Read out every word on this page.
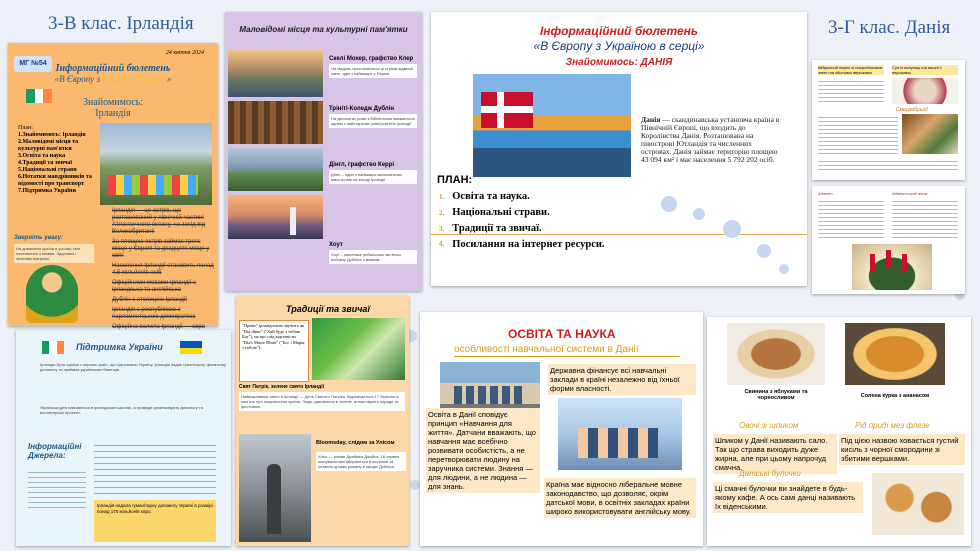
3-В клас. Ірландія	3-Г клас. Данія
24 квітня 2024
МГ №54 Інформаційний бюлетень
«В Європу з Україною в серці»
Знайомимось:
Ірландія
План:
1.Знайомимось: Ірландія
2.Маловідомі місця та культурні пам'ятки
3.Освіта та наука
4.Традиції та звичаї
5.Національні страви
6.Нотатки мандрівників та відомості про транспорт
7.Підтримка України
Зверніть увагу:
На довжиною країни в усьому світі поселилися з пінами. Здорових і зеленим візерком.
Ірландія — це острів, що розташований у північній частині Атлантичного океану, на захід від Великобританії
За площею острів займає третє місце у Європі та двадцяте місце у світі
Населення Ірландії становить понад 4,5 мільйонів осіб
Офіційними мовами Ірландії є ірландська та англійська
Дублін є столицею Ірландії
Ірландія є республікою з парламентською демократією
Офіційна валюта Ірландії — євро
Маловідомі місця та культурні пам'ятки
Скелі Мохер, графство Клер
На південь простягаються ці стрімкі відвесні скелі, одні з найвищих у Європі.
Трініті-Коледж Дублін
На двохсотих років з бібліотекою вважається одним з найстаріших університетів Ірландії
Дінгл, графство Керрі
Дінгл – один з найвищих мальовничих півостровів на заході Ірландії
Хоут
Хоут – маленьке рибальське містечко поблизу Дубліна з маяком
Традиції та звичаї
"Прівіт" ірландською звучить як "Dia dhuit" ("Хай буде з тобою Бог"), на що слід відповісти "Dia's Muire Dhuit" ("Бог і Марія з тобою").
Свят Патрік, зелене свято Ірландії
Найважливіше свято в Ірландії — День Святого Патріка. Відзначається 17 березня в пам'ять про покровителя країни. Люди одягаються в зелене, влаштовують паради та фестивалі.
Bloomsday, слідом за Улісом
Улісс — роман Джеймса Джойса. 16 червня шанувальники вбираються в костюми та читають уривки роману в місцях Дубліна.
Підтримка України
Ірландія була однією з перших країн, що підтримали Україну. Ірландія надає гуманітарну, фінансову допомогу та приймає українських біженців.
Українські діти навчаються в ірландських школах, а громади організовують допомогу та волонтерські проєкти.
Інформаційні Джерела:
Ірландія надала гуманітарну допомогу Україні в розмірі понад 170 мільйонів євро.
Інформаційний бюлетень
«В Європу з Україною в серці»
Знайомимось: ДАНІЯ
Данія — скандинавська установча країна в Північній Європі, що входить до Королівства Данія. Розташована на півострові Ютландія та численних островах. Данія займає територію площею 43 094 км² і має населення 5 792 202 осіб.
ПЛАН:
1. Освіта та наука.
2. Національні страви.
3. Традиції та звичаї.
4. Посилання на інтернет ресурси.
Відкритий торт зі смородиновим желе та збитими вершками
Суп із полуниці та вишні з вершками
Смерребрьод
Адвент	Адвентський вінок
ОСВІТА ТА НАУКА
особливості навчальної системи в Данії
Державна фінансує всі навчальні заклади в країні незалежно від їхньої форми власності.
Освіта в Данії сповідує принцип «Навчання для життя». Датчани вважають, що навчання має всебічно розвивати особистість, а не перетворювати людину на заручника системи. Знання — для людини, а не людина — для знань.	Країна має відносно ліберальне мовне законодавство, що дозволяє, окрім датської мови, в освітніх закладах країни широко використовувати англійську мову.
Свинина з яблуками та чорносливом	Солена курка з ананасом
Овочі зі шпиком	Рід приді мез флезе
Шпиком у Данії називають сало. Так що страва виходить дуже жирна, але при цьому напрочуд смачна.
Під цією назвою ховається густий кисіль з чорної смородини зі збитими вершками.
Датські булочки
Ці смачні булочки ви знайдете в будь-якому кафе. А ось самі данці називають їх віденськими.
